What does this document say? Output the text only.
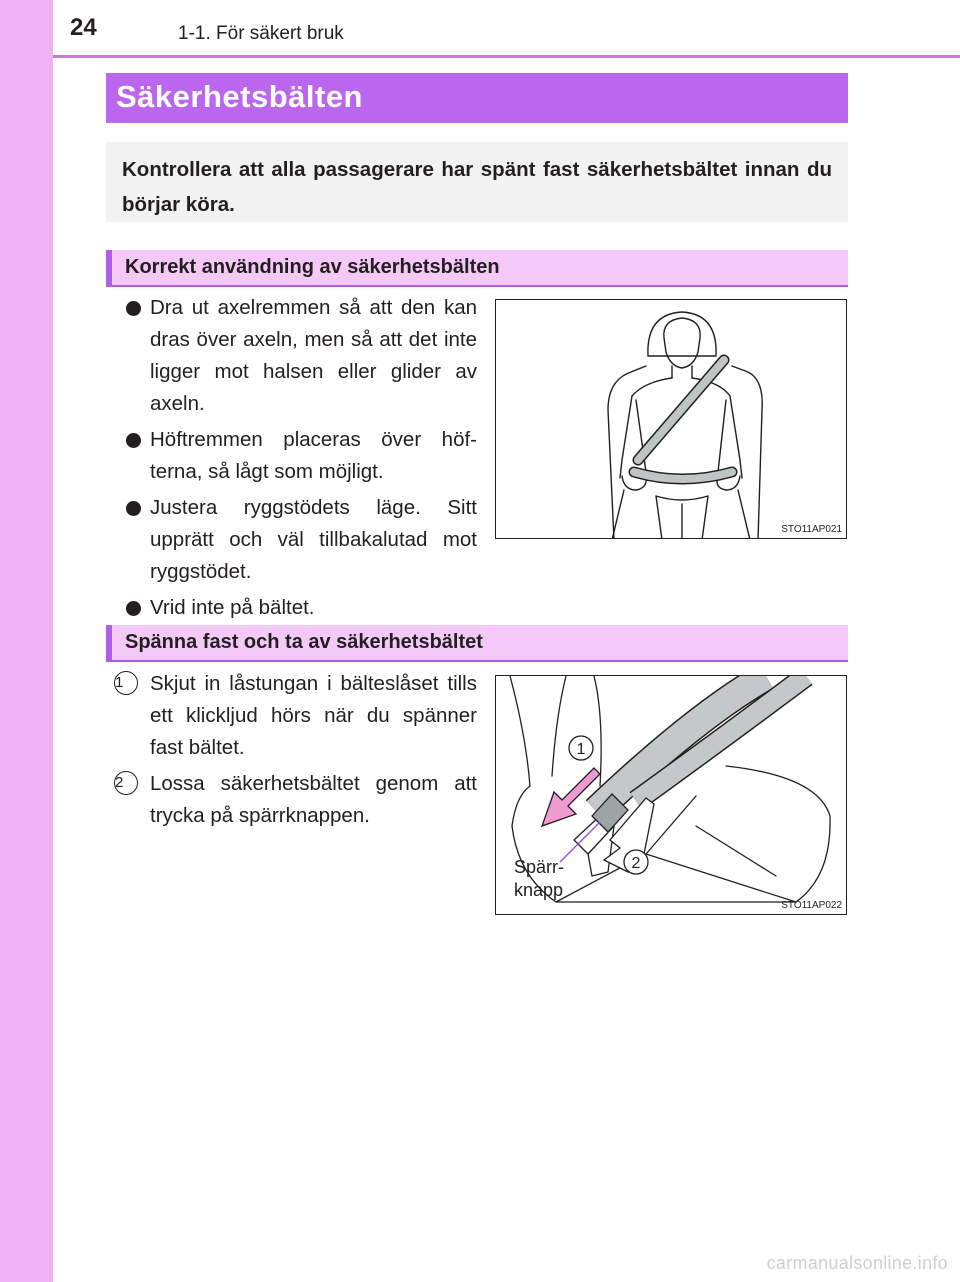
24	1-1. För säkert bruk
Säkerhetsbälten

Kontrollera att alla passagerare har spänt fast säkerhetsbältet innan du börjar köra.

Korrekt användning av säkerhetsbälten
Dra ut axelremmen så att den kan dras över axeln, men så att det inte ligger mot halsen eller glider av axeln.
Höftremmen placeras över höf-terna, så lågt som möjligt.
Justera ryggstödets läge. Sitt upprätt och väl tillbakalutad mot ryggstödet.
Vrid inte på bältet.
STO11AP021
Spänna fast och ta av säkerhetsbältet
1	Skjut in låstungan i bälteslåset tills ett klickljud hörs när du spänner fast bältet.
2	Lossa säkerhetsbältet genom att trycka på spärrknappen.
1
2
Spärr-
knapp
STO11AP022
carmanualsonline.info
